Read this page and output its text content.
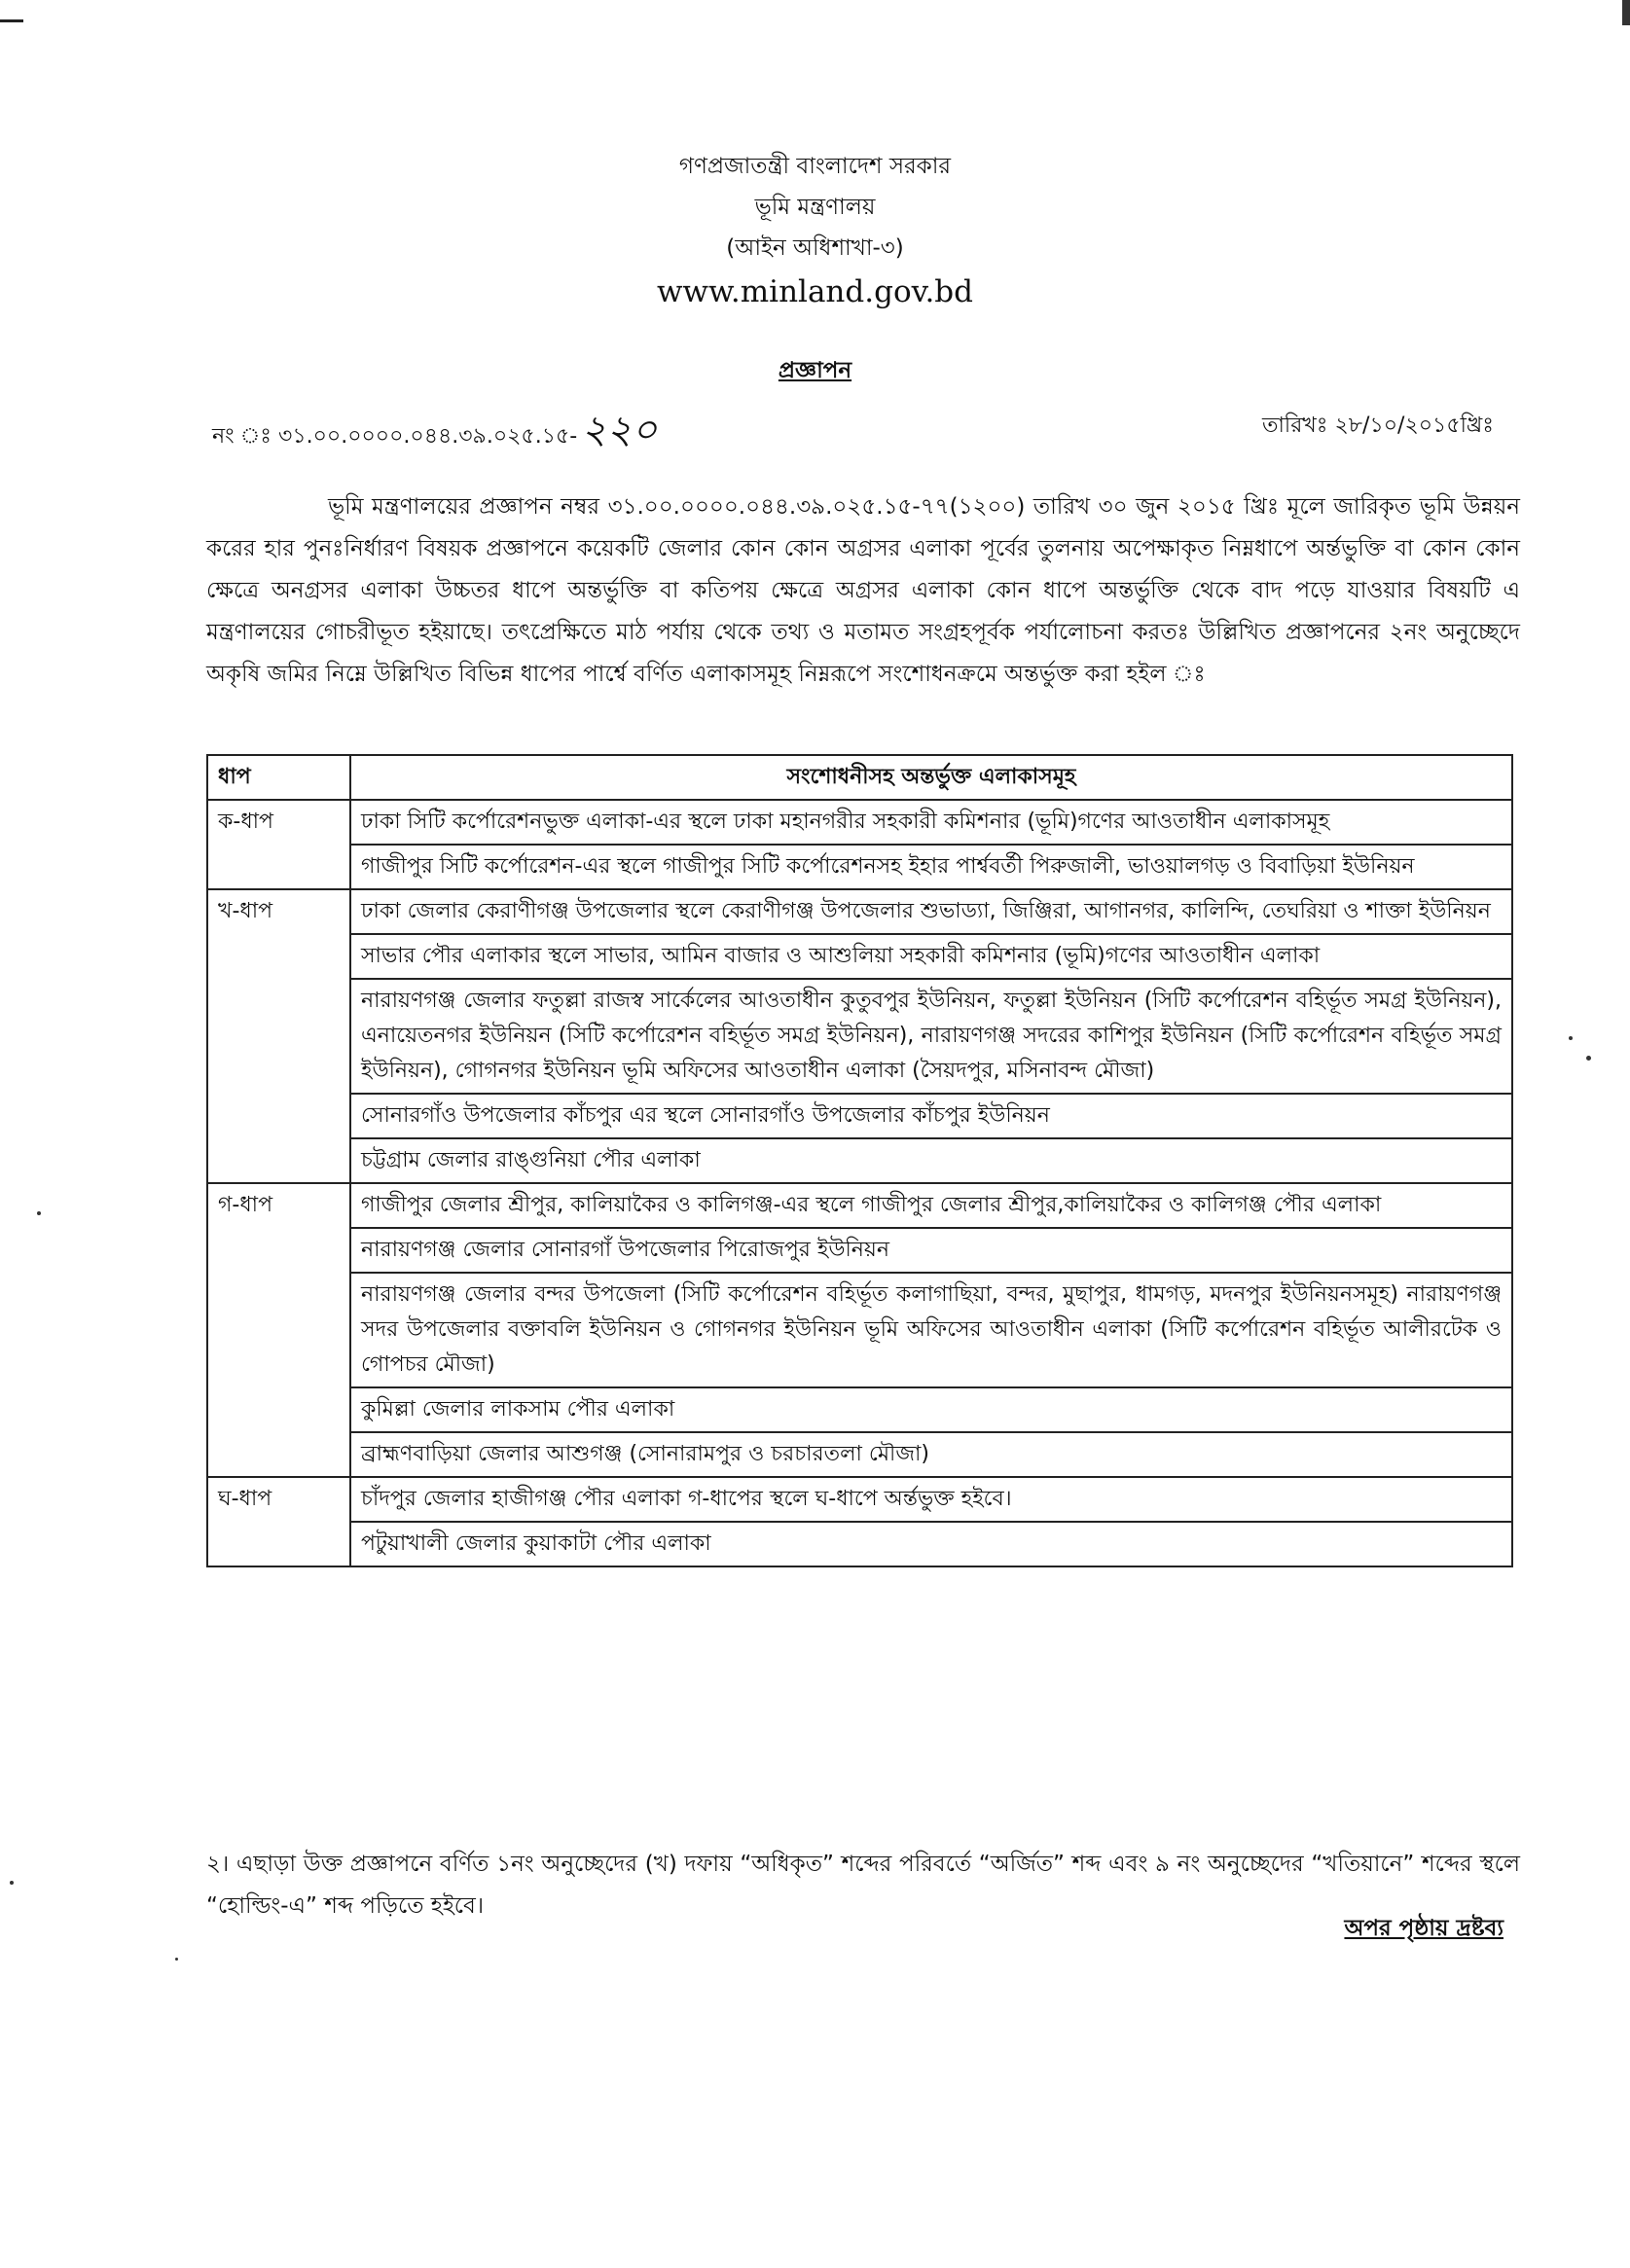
গণপ্রজাতন্ত্রী বাংলাদেশ সরকার
ভূমি মন্ত্রণালয়
(আইন অধিশাখা-৩)
www.minland.gov.bd
প্রজ্ঞাপন
নং ঃ ৩১.০০.০০০০.০৪৪.৩৯.০২৫.১৫- ২২০	তারিখঃ ২৮/১০/২০১৫খ্রিঃ
ভূমি মন্ত্রণালয়ের প্রজ্ঞাপন নম্বর ৩১.০০.০০০০.০৪৪.৩৯.০২৫.১৫-৭৭(১২০০) তারিখ ৩০ জুন ২০১৫ খ্রিঃ মূলে জারিকৃত ভূমি উন্নয়ন করের হার পুনঃনির্ধারণ বিষয়ক প্রজ্ঞাপনে কয়েকটি জেলার কোন কোন অগ্রসর এলাকা পূর্বের তুলনায় অপেক্ষাকৃত নিম্নধাপে অর্ন্তভুক্তি বা কোন কোন ক্ষেত্রে অনগ্রসর এলাকা উচ্চতর ধাপে অন্তর্ভুক্তি বা কতিপয় ক্ষেত্রে অগ্রসর এলাকা কোন ধাপে অন্তর্ভুক্তি থেকে বাদ পড়ে যাওয়ার বিষয়টি এ মন্ত্রণালয়ের গোচরীভূত হইয়াছে। তৎপ্রেক্ষিতে মাঠ পর্যায় থেকে তথ্য ও মতামত সংগ্রহপূর্বক পর্যালোচনা করতঃ উল্লিখিত প্রজ্ঞাপনের ২নং অনুচ্ছেদে অকৃষি জমির নিম্নে উল্লিখিত বিভিন্ন ধাপের পার্শ্বে বর্ণিত এলাকাসমূহ নিম্নরূপে সংশোধনক্রমে অন্তর্ভুক্ত করা হইল ঃ
ধাপ	সংশোধনীসহ অন্তর্ভুক্ত এলাকাসমূহ
ক-ধাপ	ঢাকা সিটি কর্পোরেশনভুক্ত এলাকা-এর স্থলে ঢাকা মহানগরীর সহকারী কমিশনার (ভূমি)গণের আওতাধীন এলাকাসমূহ
	গাজীপুর সিটি কর্পোরেশন-এর স্থলে গাজীপুর সিটি কর্পোরেশনসহ ইহার পার্শ্ববর্তী পিরুজালী, ভাওয়ালগড় ও বিবাড়িয়া ইউনিয়ন
খ-ধাপ	ঢাকা জেলার কেরাণীগঞ্জ উপজেলার স্থলে কেরাণীগঞ্জ উপজেলার শুভাড্যা, জিঞ্জিরা, আগানগর, কালিন্দি, তেঘরিয়া ও শাক্তা ইউনিয়ন
	সাভার পৌর এলাকার স্থলে সাভার, আমিন বাজার ও আশুলিয়া সহকারী কমিশনার (ভূমি)গণের আওতাধীন এলাকা
	নারায়ণগঞ্জ জেলার ফতুল্লা রাজস্ব সার্কেলের আওতাধীন কুতুবপুর ইউনিয়ন, ফতুল্লা ইউনিয়ন (সিটি কর্পোরেশন বহির্ভূত সমগ্র ইউনিয়ন), এনায়েতনগর ইউনিয়ন (সিটি কর্পোরেশন বহির্ভূত সমগ্র ইউনিয়ন), নারায়ণগঞ্জ সদরের কাশিপুর ইউনিয়ন (সিটি কর্পোরেশন বহির্ভূত সমগ্র ইউনিয়ন), গোগনগর ইউনিয়ন ভূমি অফিসের আওতাধীন এলাকা (সৈয়দপুর, মসিনাবন্দ মৌজা)
	সোনারগাঁও উপজেলার কাঁচপুর এর স্থলে সোনারগাঁও উপজেলার কাঁচপুর ইউনিয়ন
	চট্টগ্রাম জেলার রাঙ্গুনিয়া পৌর এলাকা
গ-ধাপ	গাজীপুর জেলার শ্রীপুর, কালিয়াকৈর ও কালিগঞ্জ-এর স্থলে গাজীপুর জেলার শ্রীপুর,কালিয়াকৈর ও কালিগঞ্জ পৌর এলাকা
	নারায়ণগঞ্জ জেলার সোনারগাঁ উপজেলার পিরোজপুর ইউনিয়ন
	নারায়ণগঞ্জ জেলার বন্দর উপজেলা (সিটি কর্পোরেশন বহির্ভূত কলাগাছিয়া, বন্দর, মুছাপুর, ধামগড়, মদনপুর ইউনিয়নসমূহ) নারায়ণগঞ্জ সদর উপজেলার বক্তাবলি ইউনিয়ন ও গোগনগর ইউনিয়ন ভূমি অফিসের আওতাধীন এলাকা (সিটি কর্পোরেশন বহির্ভূত আলীরটেক ও গোপচর মৌজা)
	কুমিল্লা জেলার লাকসাম পৌর এলাকা
	ব্রাহ্মণবাড়িয়া জেলার আশুগঞ্জ (সোনারামপুর ও চরচারতলা মৌজা)
ঘ-ধাপ	চাঁদপুর জেলার হাজীগঞ্জ পৌর এলাকা গ-ধাপের স্থলে ঘ-ধাপে অর্ন্তভুক্ত হইবে।
	পটুয়াখালী জেলার কুয়াকাটা পৌর এলাকা
২। এছাড়া উক্ত প্রজ্ঞাপনে বর্ণিত ১নং অনুচ্ছেদের (খ) দফায় “অধিকৃত” শব্দের পরিবর্তে “অর্জিত” শব্দ এবং ৯ নং অনুচ্ছেদের “খতিয়ানে” শব্দের স্থলে “হোল্ডিং-এ” শব্দ পড়িতে হইবে।
অপর পৃষ্ঠায় দ্রষ্টব্য
